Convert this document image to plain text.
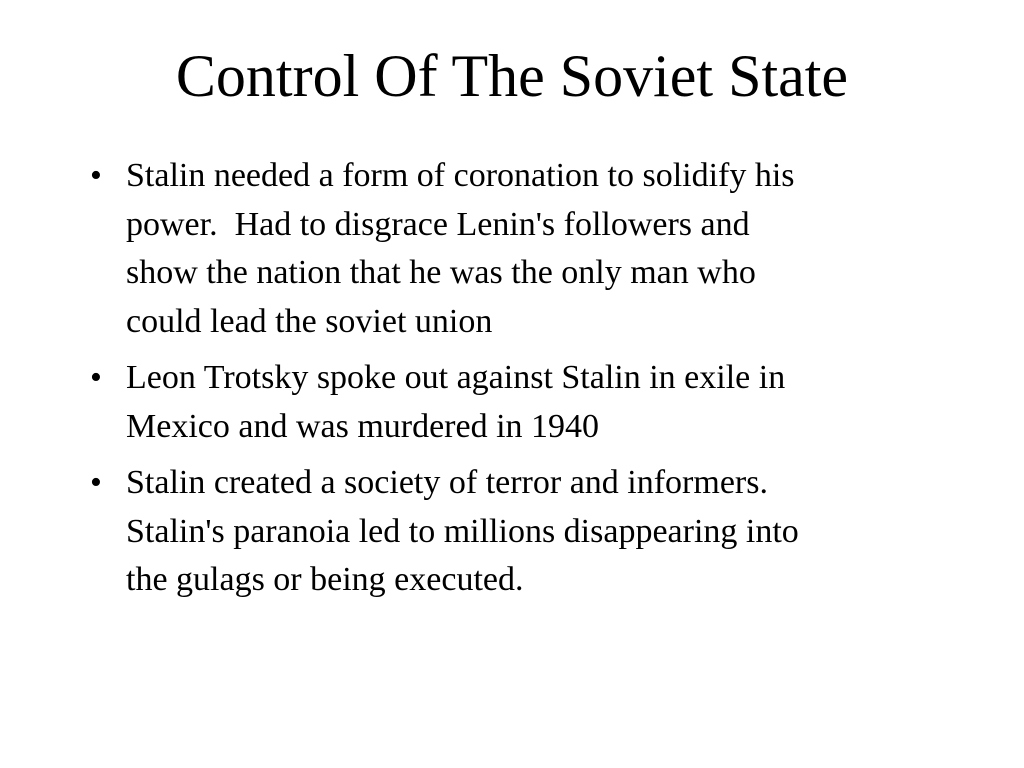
Control Of The Soviet State
• Stalin needed a form of coronation to solidify his
power.  Had to disgrace Lenin's followers and
show the nation that he was the only man who
could lead the soviet union
• Leon Trotsky spoke out against Stalin in exile in
Mexico and was murdered in 1940
• Stalin created a society of terror and informers.
Stalin's paranoia led to millions disappearing into
the gulags or being executed.
